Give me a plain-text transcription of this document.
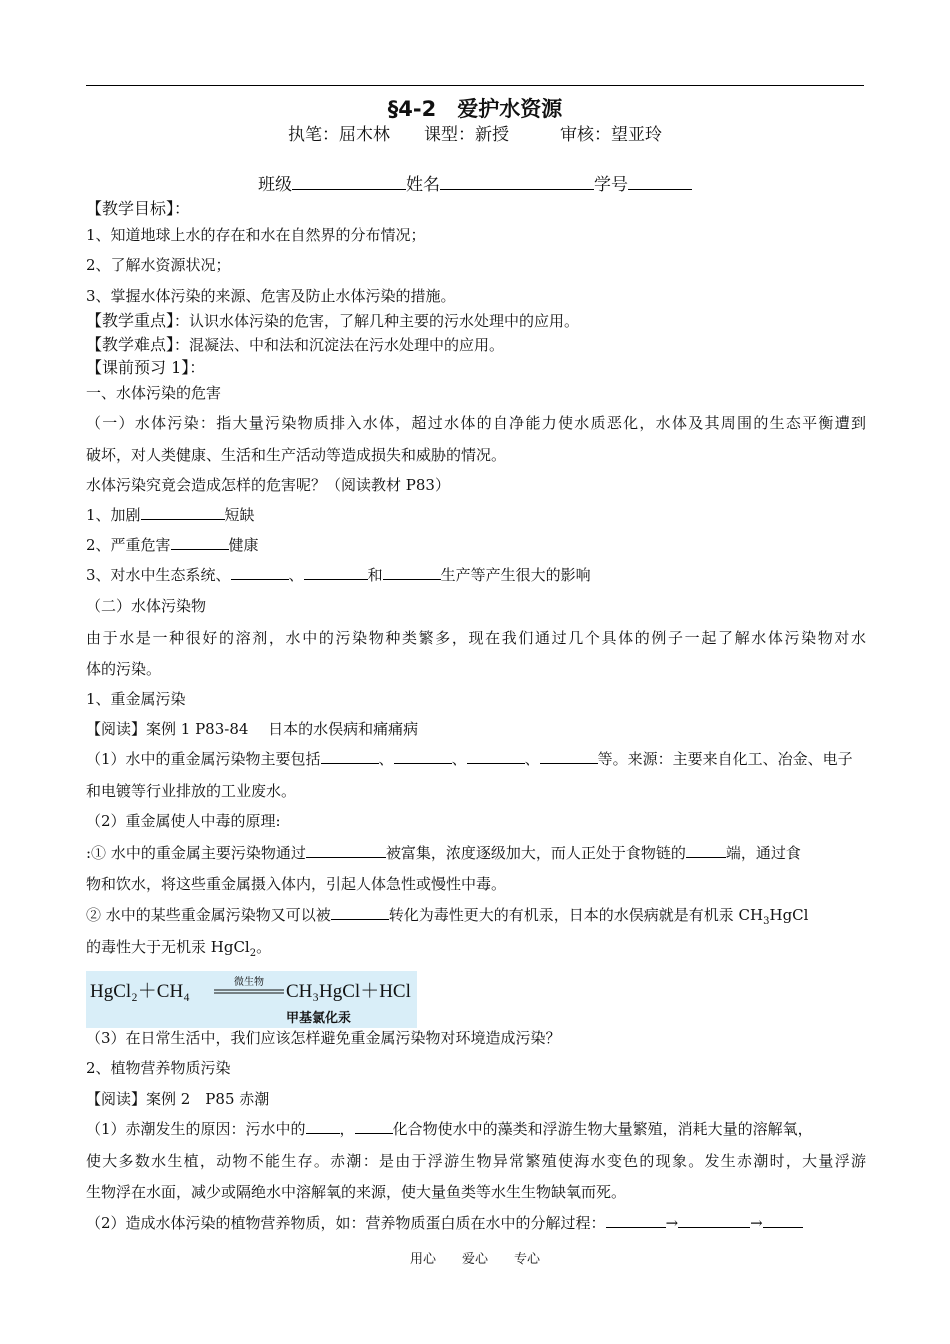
§4-2　爱护水资源
执笔：屈木林　　课型：新授　　　审核：望亚玲
班级	姓名	学号
【教学目标】：
1、知道地球上水的存在和水在自然界的分布情况；
2、了解水资源状况；
3、掌握水体污染的来源、危害及防止水体污染的措施。
【教学重点】：认识水体污染的危害，了解几种主要的污水处理中的应用。
【教学难点】：混凝法、中和法和沉淀法在污水处理中的应用。
【课前预习 1】：
一、水体污染的危害
（一）水体污染：指大量污染物质排入水体，超过水体的自净能力使水质恶化，水体及其周围的生态平衡遭到
破坏，对人类健康、生活和生产活动等造成损失和威胁的情况。
水体污染究竟会造成怎样的危害呢？（阅读教材 P83）
1、加剧	短缺
2、严重危害	健康
3、对水中生态系统、	、	和	生产等产生很大的影响
（二）水体污染物
由于水是一种很好的溶剂，水中的污染物种类繁多，现在我们通过几个具体的例子一起了解水体污染物对水
体的污染。
1、重金属污染
【阅读】案例 1 P83-84　 日本的水俣病和痛痛病
（1）水中的重金属污染物主要包括	、	、	、	等。来源：主要来自化工、冶金、电子
和电镀等行业排放的工业废水。
（2）重金属使人中毒的原理:
:① 水中的重金属主要污染物通过	被富集，浓度逐级加大，而人正处于食物链的	端，通过食
物和饮水，将这些重金属摄入体内，引起人体急性或慢性中毒。
② 水中的某些重金属污染物又可以被	转化为毒性更大的有机汞，日本的水俣病就是有机汞 $CH_3HgCl$
的毒性大于无机汞 HgCl$_2$。
HgCl₂＋CH₄	微生物 CH₃HgCl＋HCl
甲基氯化汞
（3）在日常生活中，我们应该怎样避免重金属污染物对环境造成污染？
2、植物营养物质污染
【阅读】案例 2　P85 赤潮
（1）赤潮发生的原因：污水中的 ，	化合物使水中的藻类和浮游生物大量繁殖，消耗大量的溶解氧，
使大多数水生植，动物不能生存。赤潮：是由于浮游生物异常繁殖使海水变色的现象。发生赤潮时，大量浮游
生物浮在水面，减少或隔绝水中溶解氧的来源，使大量鱼类等水生生物缺氧而死。
（2）造成水体污染的植物营养物质，如：营养物质蛋白质在水中的分解过程：	→	→
用心　　爱心　　专心
